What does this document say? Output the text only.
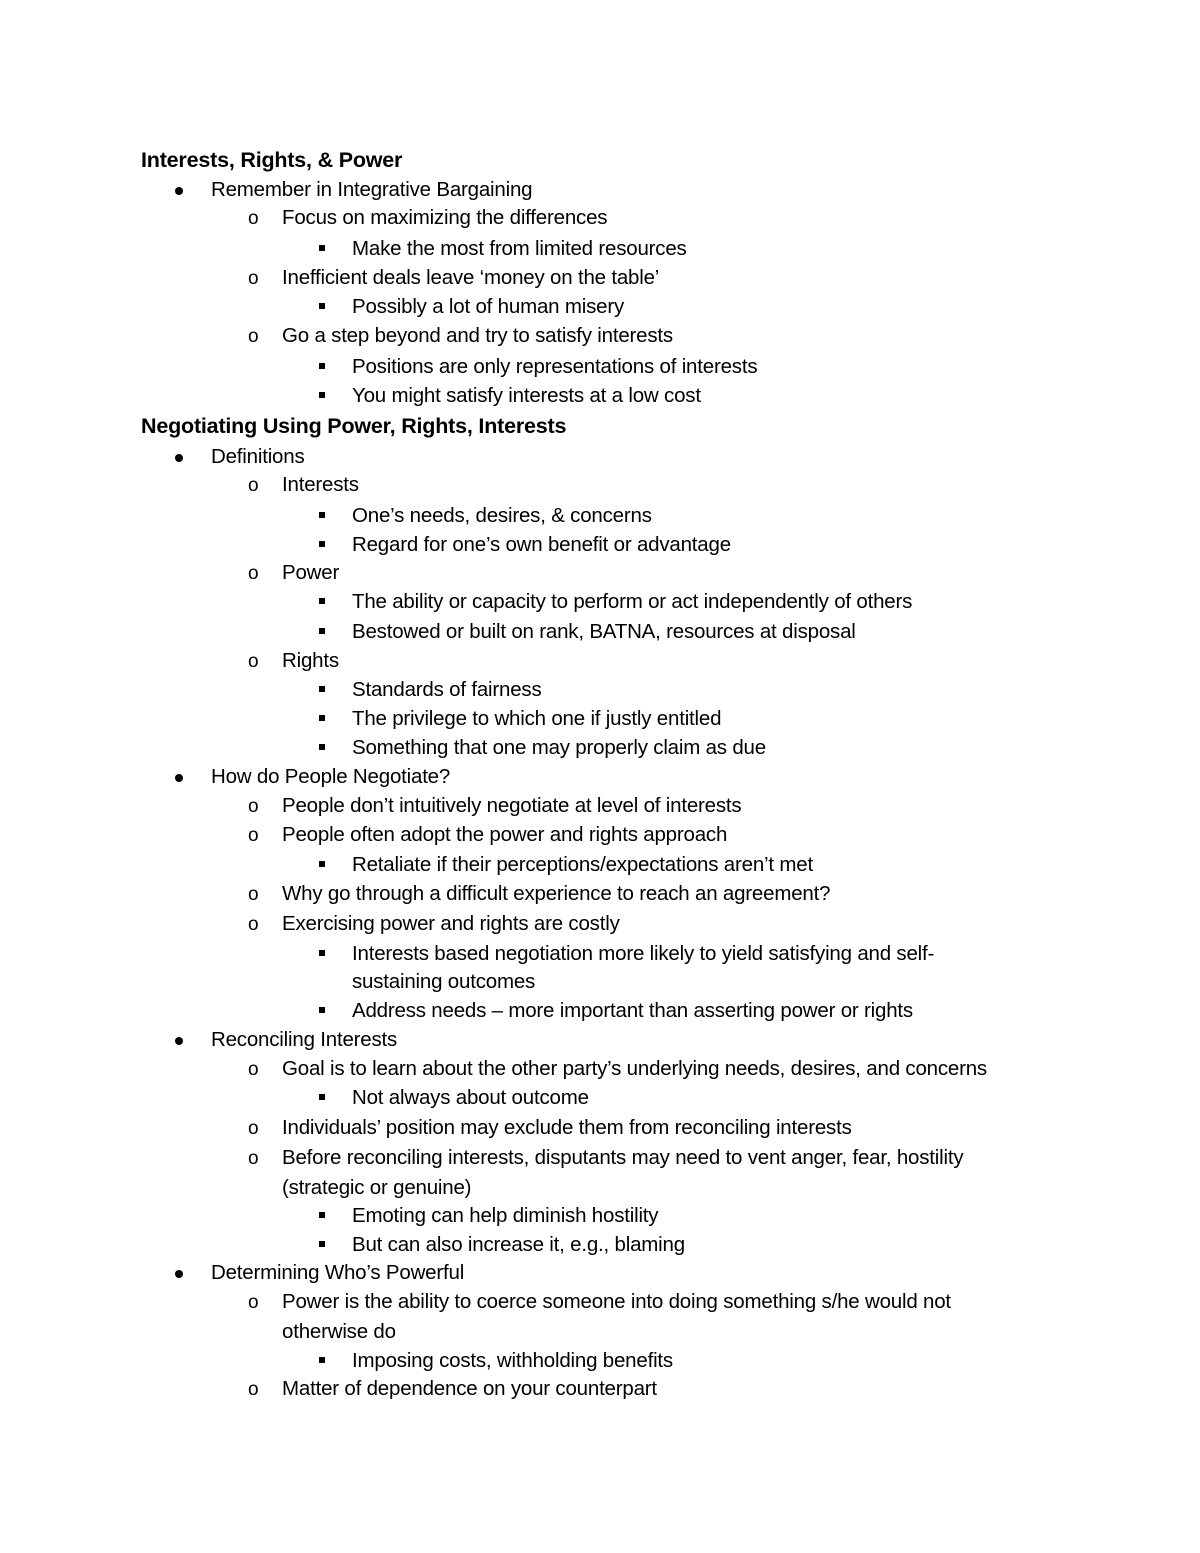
Interests, Rights, & Power
Remember in Integrative Bargaining
Focus on maximizing the differences
o
Make the most from limited resources
Inefficient deals leave ‘money on the table’
o
Possibly a lot of human misery
Go a step beyond and try to satisfy interests
o
Positions are only representations of interests
You might satisfy interests at a low cost
Negotiating Using Power, Rights, Interests
Definitions
Interests
o
One’s needs, desires, & concerns
Regard for one’s own benefit or advantage
Power
o
The ability or capacity to perform or act independently of others
Bestowed or built on rank, BATNA, resources at disposal
Rights
o
Standards of fairness
The privilege to which one if justly entitled
Something that one may properly claim as due
How do People Negotiate?
People don’t intuitively negotiate at level of interests
o
People often adopt the power and rights approach
o
Retaliate if their perceptions/expectations aren’t met
Why go through a difficult experience to reach an agreement?
o
Exercising power and rights are costly
o
Interests based negotiation more likely to yield satisfying and self-
sustaining outcomes
Address needs – more important than asserting power or rights
Reconciling Interests
Goal is to learn about the other party’s underlying needs, desires, and concerns
o
Not always about outcome
Individuals’ position may exclude them from reconciling interests
o
Before reconciling interests, disputants may need to vent anger, fear, hostility
o
(strategic or genuine)
Emoting can help diminish hostility
But can also increase it, e.g., blaming
Determining Who’s Powerful
Power is the ability to coerce someone into doing something s/he would not
o
otherwise do
Imposing costs, withholding benefits
Matter of dependence on your counterpart
o
